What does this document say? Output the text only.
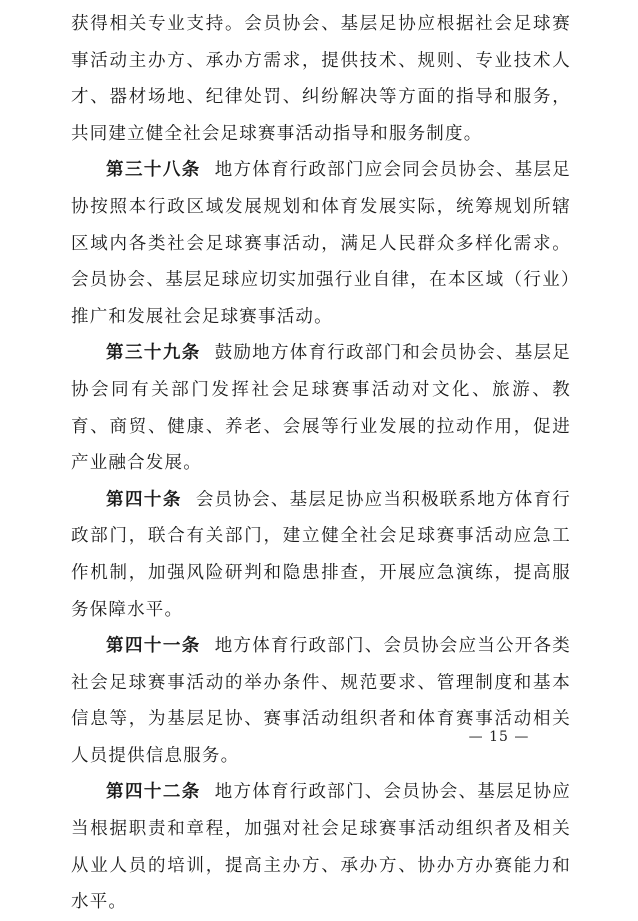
获得相关专业支持。会员协会、基层足协应根据社会足球赛事活动主办方、承办方需求，提供技术、规则、专业技术人才、器材场地、纪律处罚、纠纷解决等方面的指导和服务，共同建立健全社会足球赛事活动指导和服务制度。

第三十八条 地方体育行政部门应会同会员协会、基层足协按照本行政区域发展规划和体育发展实际，统筹规划所辖区域内各类社会足球赛事活动，满足人民群众多样化需求。会员协会、基层足球应切实加强行业自律，在本区域（行业）推广和发展社会足球赛事活动。

第三十九条 鼓励地方体育行政部门和会员协会、基层足协会同有关部门发挥社会足球赛事活动对文化、旅游、教育、商贸、健康、养老、会展等行业发展的拉动作用，促进产业融合发展。

第四十条 会员协会、基层足协应当积极联系地方体育行政部门，联合有关部门，建立健全社会足球赛事活动应急工作机制，加强风险研判和隐患排查，开展应急演练，提高服务保障水平。

第四十一条 地方体育行政部门、会员协会应当公开各类社会足球赛事活动的举办条件、规范要求、管理制度和基本信息等，为基层足协、赛事活动组织者和体育赛事活动相关人员提供信息服务。

第四十二条 地方体育行政部门、会员协会、基层足协应当根据职责和章程，加强对社会足球赛事活动组织者及相关从业人员的培训，提高主办方、承办方、协办方办赛能力和水平。

— 15 —
